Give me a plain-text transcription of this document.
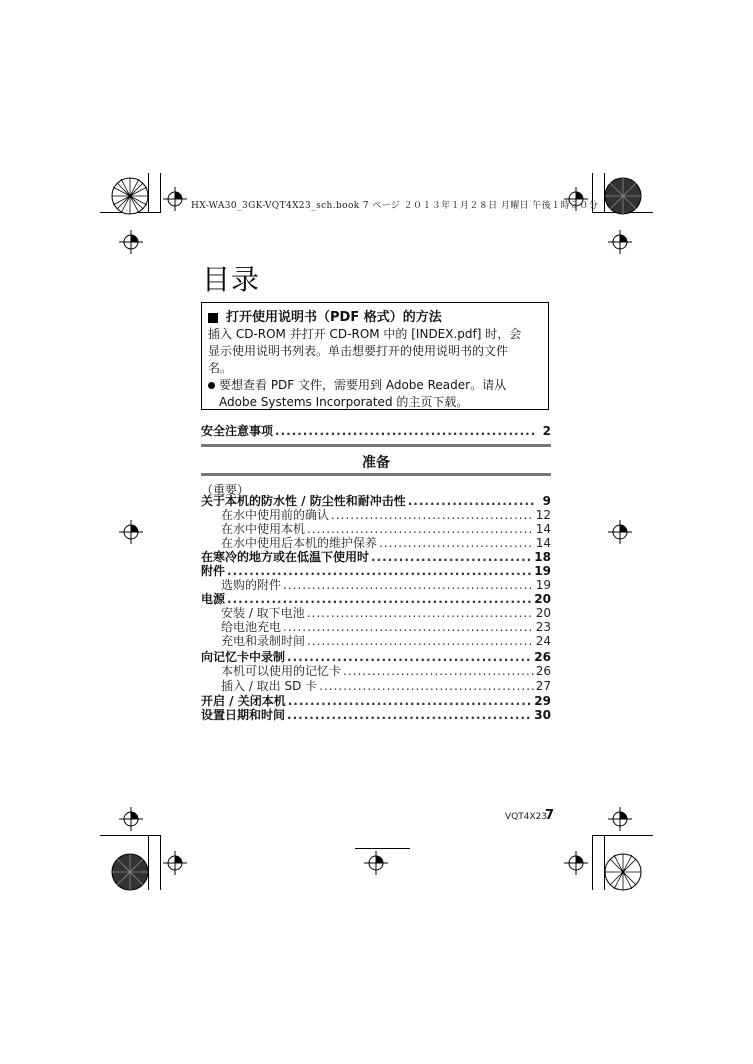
HX-WA30_3GK-VQT4X23_sch.book 7 ページ ２０１３年１月２８日 月曜日 午後１時３０分
目录
打开使用说明书（PDF 格式）的方法
插入 CD-ROM 并打开 CD-ROM 中的 [INDEX.pdf] 时，会
显示使用说明书列表。单击想要打开的使用说明书的文件
名。
要想查看 PDF 文件，需要用到 Adobe Reader。请从
Adobe Systems Incorporated 的主页下载。
安全注意事项 .....	2
准备
（重要）
关于本机的防水性 / 防尘性和耐冲击性 .....	9
在水中使用前的确认 .....	12
在水中使用本机 .....	14
在水中使用后本机的维护保养 .....	14
在寒冷的地方或在低温下使用时 .....	18
附件 .....	19
选购的附件 .....	19
电源 .....	20
安装 / 取下电池 .....	20
给电池充电 .....	23
充电和录制时间 .....	24
向记忆卡中录制 .....	26
本机可以使用的记忆卡 .....	26
插入 / 取出 SD 卡 .....	27
开启 / 关闭本机 .....	29
设置日期和时间 .....	30
VQT4X23
7
